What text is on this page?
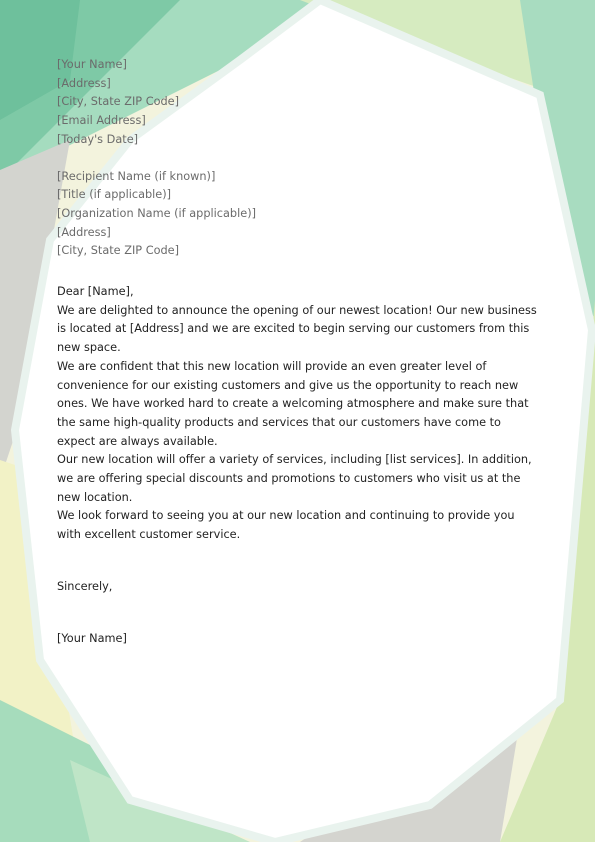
[Your Name]
[Address]
[City, State ZIP Code]
[Email Address]
[Today's Date]
[Recipient Name (if known)]
[Title (if applicable)]
[Organization Name (if applicable)]
[Address]
[City, State ZIP Code]
Dear [Name],

We are delighted to announce the opening of our newest location! Our new business is located at [Address] and we are excited to begin serving our customers from this new space.

We are confident that this new location will provide an even greater level of convenience for our existing customers and give us the opportunity to reach new ones. We have worked hard to create a welcoming atmosphere and make sure that the same high-quality products and services that our customers have come to expect are always available.

Our new location will offer a variety of services, including [list services]. In addition, we are offering special discounts and promotions to customers who visit us at the new location.

We look forward to seeing you at our new location and continuing to provide you with excellent customer service.

Sincerely,
[Your Name]
